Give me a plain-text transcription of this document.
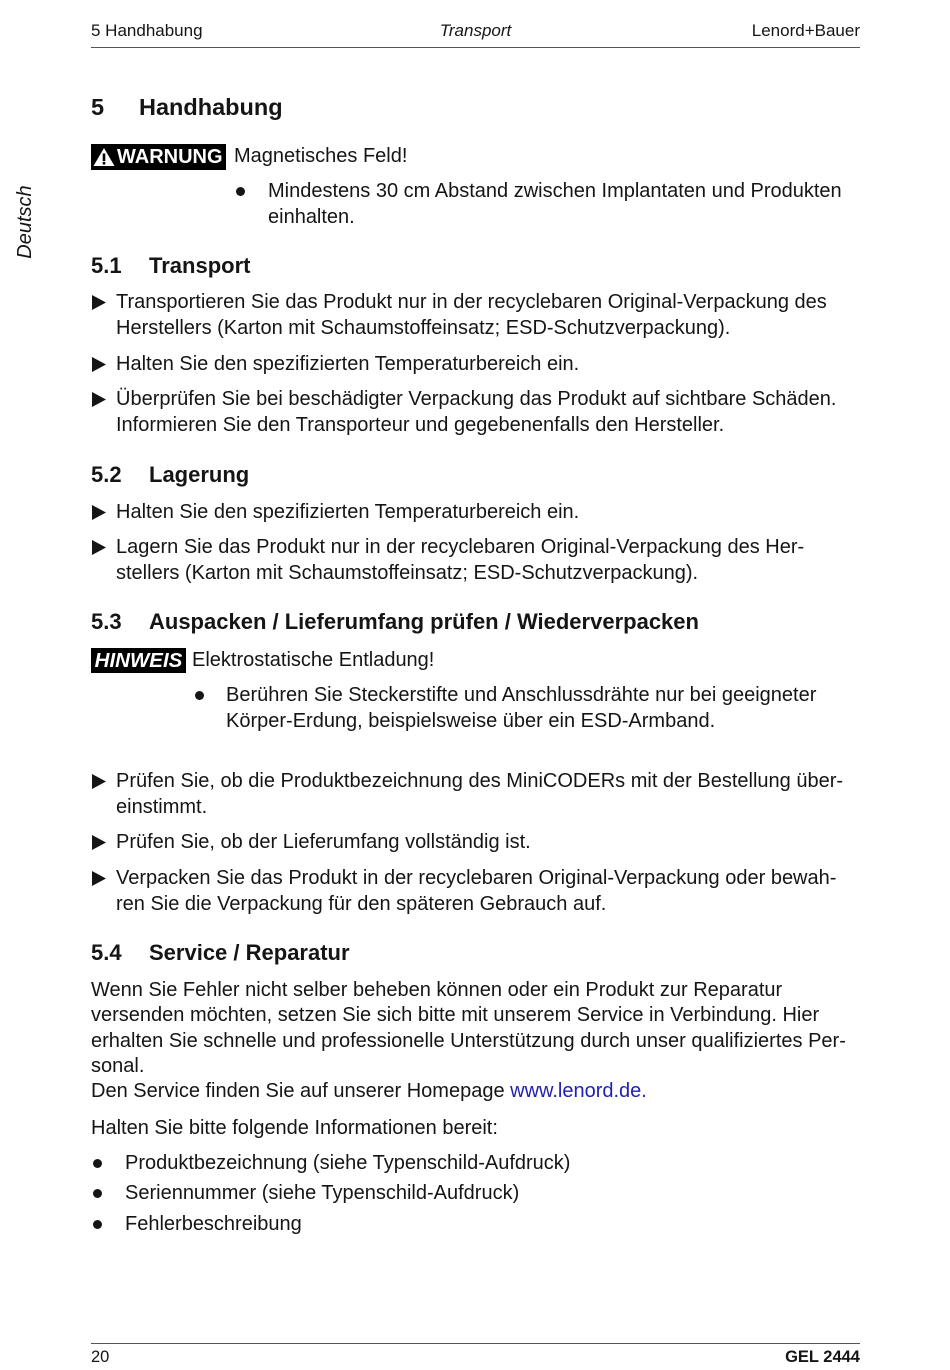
5 Handhabung	Transport	Lenord+Bauer
Deutsch
5 Handhabung
WARNUNG Magnetisches Feld!
Mindestens 30 cm Abstand zwischen Implantaten und Produkten
einhalten.
5.1 Transport
Transportieren Sie das Produkt nur in der recyclebaren Original-Verpackung des
Herstellers (Karton mit Schaumstoffeinsatz; ESD-Schutzverpackung).
Halten Sie den spezifizierten Temperaturbereich ein.
Überprüfen Sie bei beschädigter Verpackung das Produkt auf sichtbare Schäden.
Informieren Sie den Transporteur und gegebenenfalls den Hersteller.
5.2 Lagerung
Halten Sie den spezifizierten Temperaturbereich ein.
Lagern Sie das Produkt nur in der recyclebaren Original-Verpackung des Her-
stellers (Karton mit Schaumstoffeinsatz; ESD-Schutzverpackung).
5.3 Auspacken / Lieferumfang prüfen / Wiederverpacken
HINWEIS Elektrostatische Entladung!
Berühren Sie Steckerstifte und Anschlussdrähte nur bei geeigneter
Körper-Erdung, beispielsweise über ein ESD-Armband.
Prüfen Sie, ob die Produktbezeichnung des MiniCODERs mit der Bestellung über-
einstimmt.
Prüfen Sie, ob der Lieferumfang vollständig ist.
Verpacken Sie das Produkt in der recyclebaren Original-Verpackung oder bewah-
ren Sie die Verpackung für den späteren Gebrauch auf.
5.4 Service / Reparatur
Wenn Sie Fehler nicht selber beheben können oder ein Produkt zur Reparatur
versenden möchten, setzen Sie sich bitte mit unserem Service in Verbindung. Hier
erhalten Sie schnelle und professionelle Unterstützung durch unser qualifiziertes Per-
sonal.
Den Service finden Sie auf unserer Homepage www.lenord.de.
Halten Sie bitte folgende Informationen bereit:
Produktbezeichnung (siehe Typenschild-Aufdruck)
Seriennummer (siehe Typenschild-Aufdruck)
Fehlerbeschreibung
20	GEL 2444
